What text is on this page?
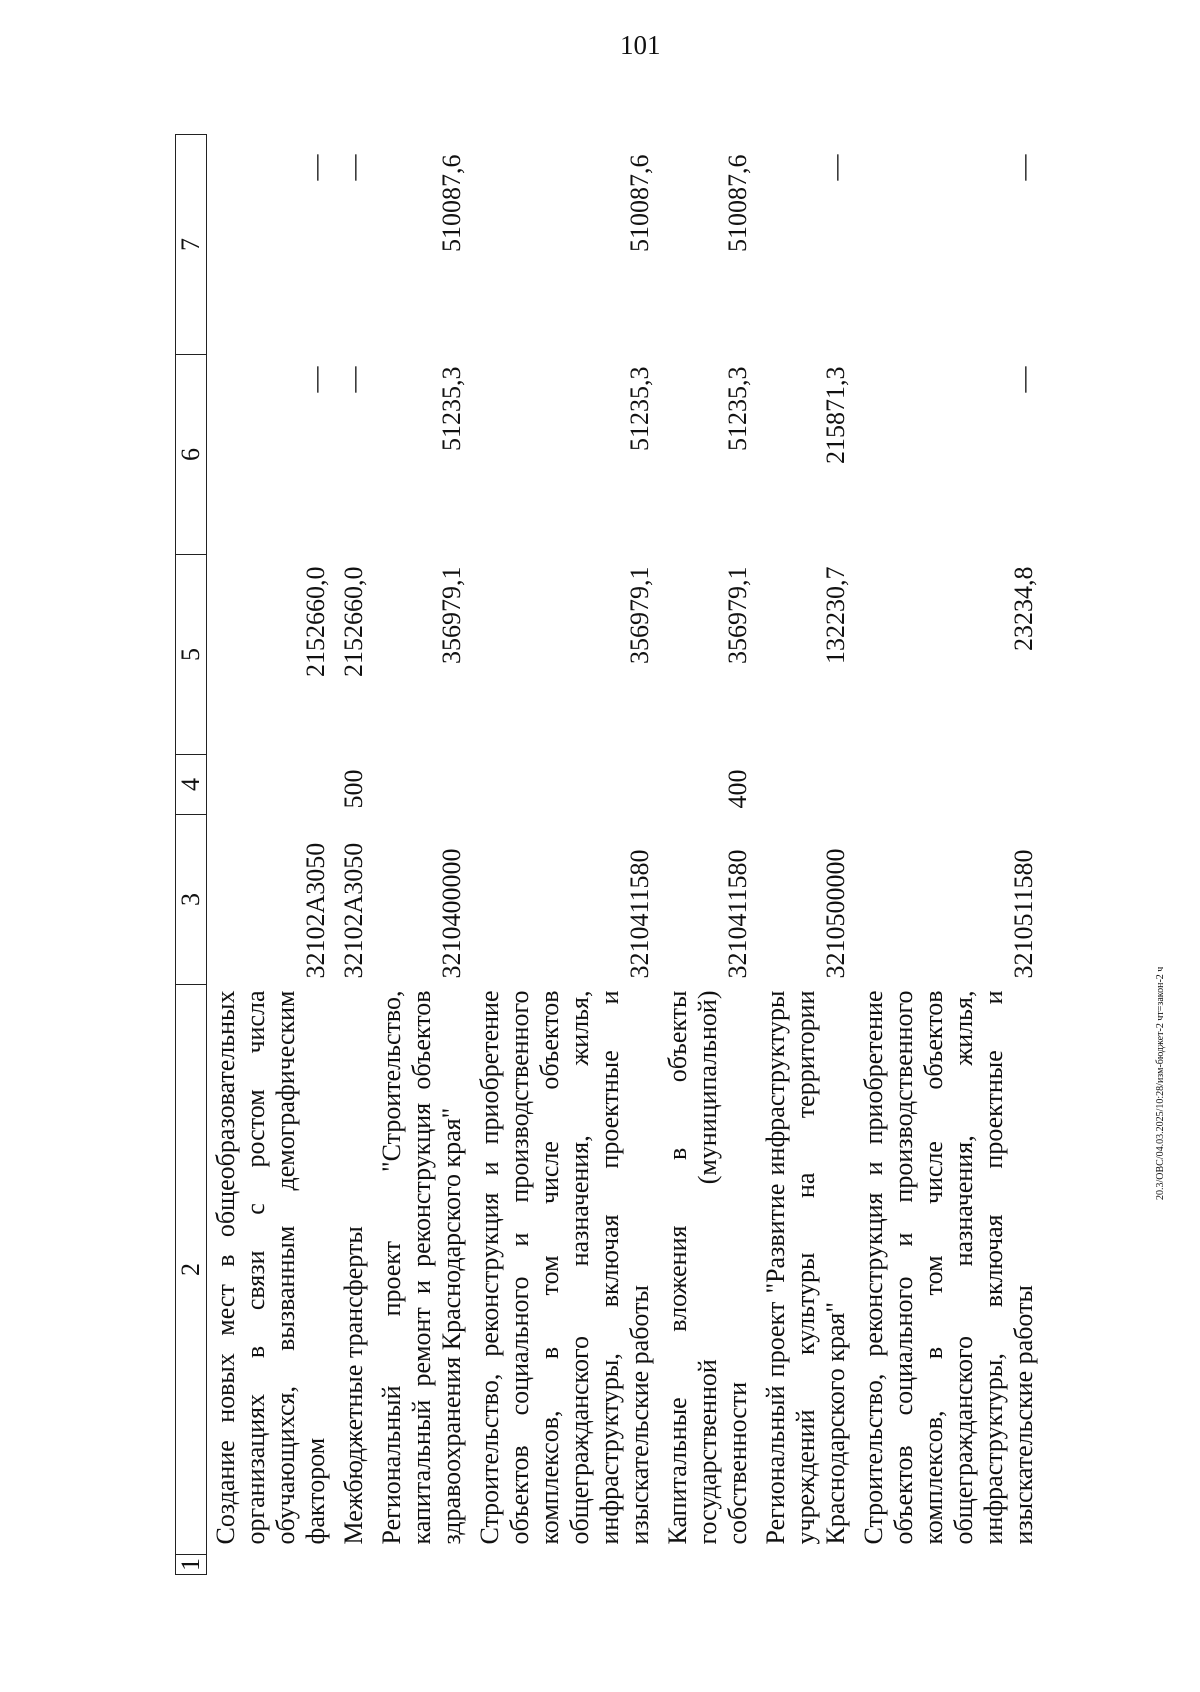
101
20.3/ОВС/04.03.2025/10:28/изм-бюджет-2 чт=закон-2 ч
1	2	3	4	5	6	7
	Создание новых мест в общеобразовательных организациях в связи с ростом числа обучающихся, вызванным демографическим фактором	32102А3050		2152660,0	—	—
	Межбюджетные трансферты	32102А3050	500	2152660,0	—	—
	Региональный проект "Строительство, капитальный ремонт и реконструкция объектов здравоохранения Краснодарского края"	3210400000		356979,1	51235,3	510087,6
	Строительство, реконструкция и приобретение объектов социального и производственного комплексов, в том числе объектов общегражданского назначения, жилья, инфраструктуры, включая проектные и изыскательские работы	3210411580		356979,1	51235,3	510087,6
	Капитальные вложения в объекты государственной (муниципальной) собственности	3210411580	400	356979,1	51235,3	510087,6
	Региональный проект "Развитие инфраструктуры учреждений культуры на территории Краснодарского края"	3210500000		132230,7	215871,3	—
	Строительство, реконструкция и приобретение объектов социального и производственного комплексов, в том числе объектов общегражданского назначения, жилья, инфраструктуры, включая проектные и изыскательские работы	3210511580		23234,8	—	—
